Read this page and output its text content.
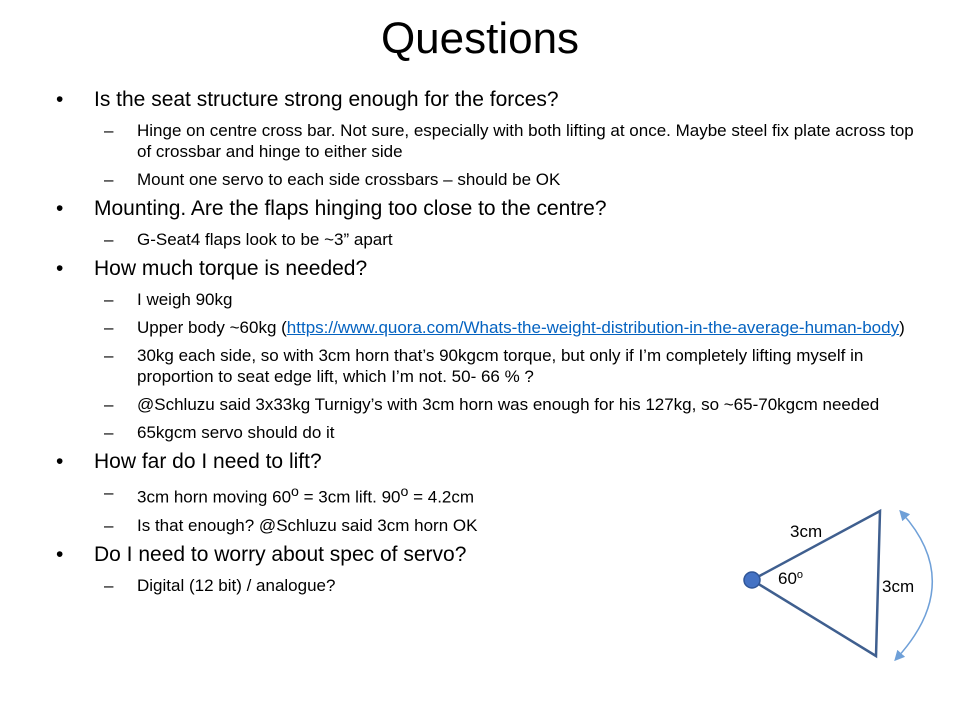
Questions
• Is the seat structure strong enough for the forces?
– Hinge on centre cross bar. Not sure, especially with both lifting at once. Maybe steel fix plate across top of crossbar and hinge to either side
– Mount one servo to each side crossbars – should be OK
• Mounting. Are the flaps hinging too close to the centre?
– G-Seat4 flaps look to be ~3” apart
• How much torque is needed?
– I weigh 90kg
– Upper body ~60kg (https://www.quora.com/Whats-the-weight-distribution-in-the-average-human-body)
– 30kg each side, so with 3cm horn that’s 90kgcm torque, but only if I’m completely lifting myself in proportion to seat edge lift, which I’m not. 50- 66 % ?
– @Schluzu said 3x33kg Turnigy’s with 3cm horn was enough for his 127kg, so ~65-70kgcm needed
– 65kgcm servo should do it
• How far do I need to lift?
– 3cm horn moving $60^o = 3cm$ lift. $90^o = 4.2cm$
– Is that enough? @Schluzu said 3cm horn OK
• Do I need to worry about spec of servo?
– Digital (12 bit) / analogue?
3cm
3cm
60$^o$
